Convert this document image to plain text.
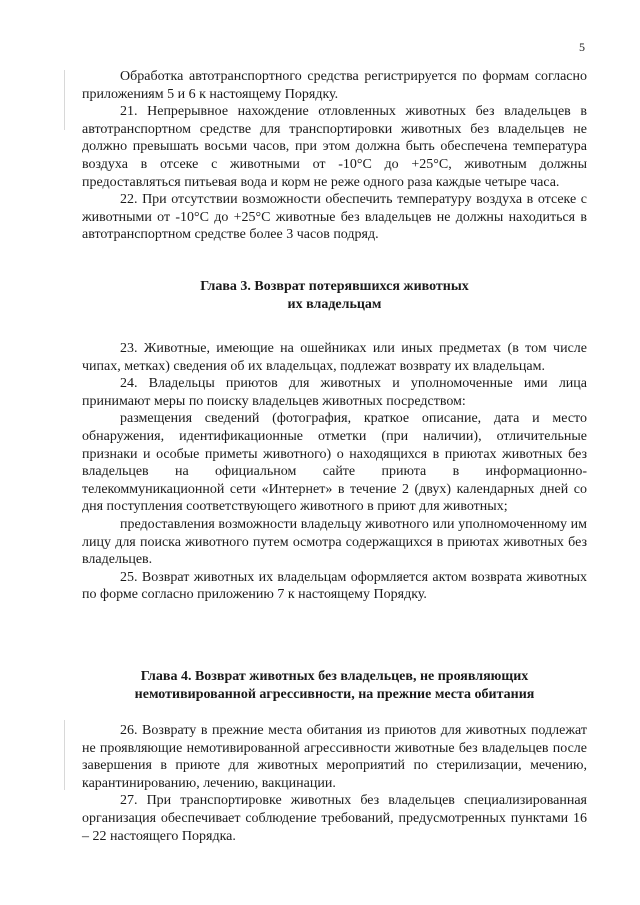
5

Обработка автотранспортного средства регистрируется по формам согласно приложениям 5 и 6 к настоящему Порядку.

21. Непрерывное нахождение отловленных животных без владельцев в автотранспортном средстве для транспортировки животных без владельцев не должно превышать восьми часов, при этом должна быть обеспечена температура воздуха в отсеке с животными от -10°С до +25°С, животным должны предоставляться питьевая вода и корм не реже одного раза каждые четыре часа.

22. При отсутствии возможности обеспечить температуру воздуха в отсеке с животными от -10°С до +25°С животные без владельцев не должны находиться в автотранспортном средстве более 3 часов подряд.

Глава 3. Возврат потерявшихся животных
их владельцам

23. Животные, имеющие на ошейниках или иных предметах (в том числе чипах, метках) сведения об их владельцах, подлежат возврату их владельцам.

24. Владельцы приютов для животных и уполномоченные ими лица принимают меры по поиску владельцев животных посредством:

размещения сведений (фотография, краткое описание, дата и место обнаружения, идентификационные отметки (при наличии), отличительные признаки и особые приметы животного) о находящихся в приютах животных без владельцев на официальном сайте приюта в информационно-телекоммуникационной сети «Интернет» в течение 2 (двух) календарных дней со дня поступления соответствующего животного в приют для животных;

предоставления возможности владельцу животного или уполномоченному им лицу для поиска животного путем осмотра содержащихся в приютах животных без владельцев.

25. Возврат животных их владельцам оформляется актом возврата животных по форме согласно приложению 7 к настоящему Порядку.

Глава 4. Возврат животных без владельцев, не проявляющих
немотивированной агрессивности, на прежние места обитания

26. Возврату в прежние места обитания из приютов для животных подлежат не проявляющие немотивированной агрессивности животные без владельцев после завершения в приюте для животных мероприятий по стерилизации, мечению, карантинированию, лечению, вакцинации.

27. При транспортировке животных без владельцев специализированная организация обеспечивает соблюдение требований, предусмотренных пунктами 16 – 22 настоящего Порядка.
